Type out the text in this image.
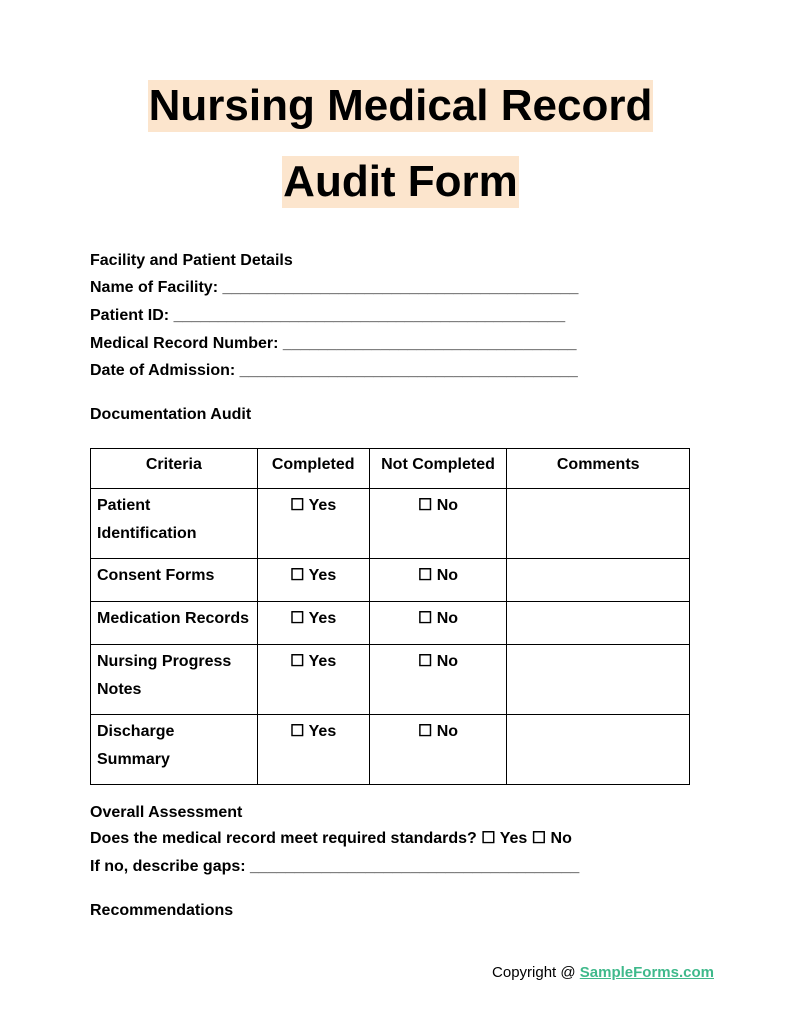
Nursing Medical Record
Audit Form
Facility and Patient Details
Name of Facility: ________________________________________
Patient ID: ____________________________________________
Medical Record Number: _________________________________
Date of Admission: ______________________________________
Documentation Audit
Criteria	Completed	Not Completed	Comments
Patient Identification	☐ Yes	☐ No	
Consent Forms	☐ Yes	☐ No	
Medication Records	☐ Yes	☐ No	
Nursing Progress Notes	☐ Yes	☐ No	
Discharge Summary	☐ Yes	☐ No	
Overall Assessment
Does the medical record meet required standards? ☐ Yes ☐ No
If no, describe gaps: _____________________________________
Recommendations
Copyright @ SampleForms.com
